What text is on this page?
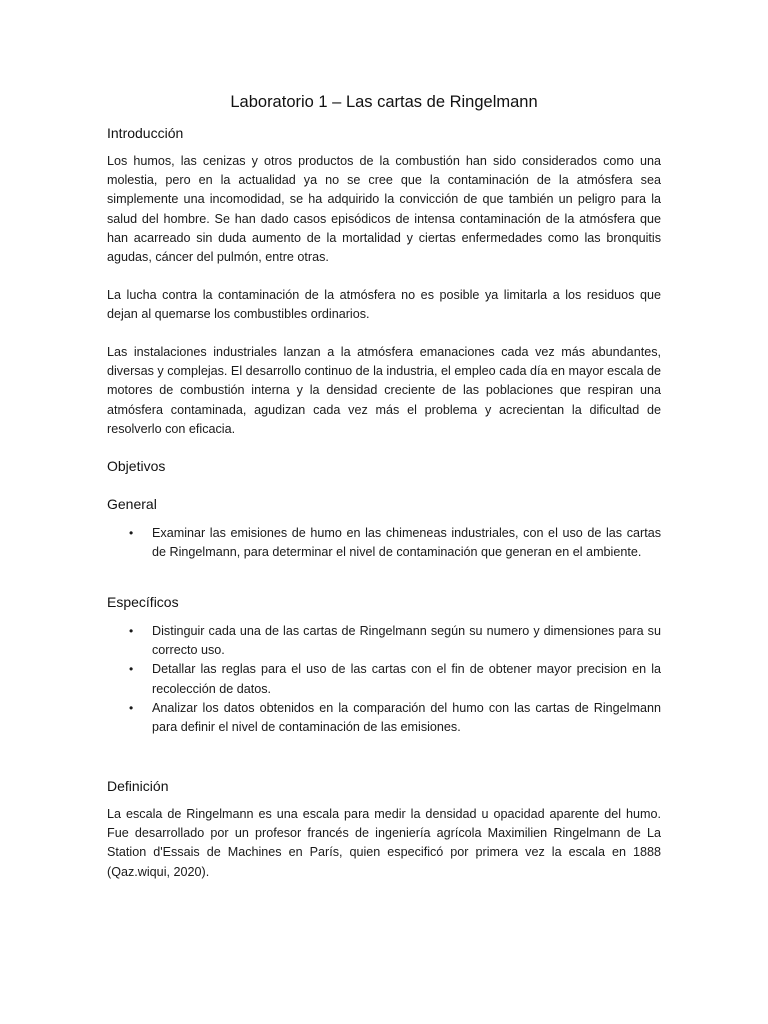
Laboratorio 1 – Las cartas de Ringelmann
Introducción

Los humos, las cenizas y otros productos de la combustión han sido considerados como una molestia, pero en la actualidad ya no se cree que la contaminación de la atmósfera sea simplemente una incomodidad, se ha adquirido la convicción de que también un peligro para la salud del hombre. Se han dado casos episódicos de intensa contaminación de la atmósfera que han acarreado sin duda aumento de la mortalidad y ciertas enfermedades como las bronquitis agudas, cáncer del pulmón, entre otras.

La lucha contra la contaminación de la atmósfera no es posible ya limitarla a los residuos que dejan al quemarse los combustibles ordinarios.

Las instalaciones industriales lanzan a la atmósfera emanaciones cada vez más abundantes, diversas y complejas. El desarrollo continuo de la industria, el empleo cada día en mayor escala de motores de combustión interna y la densidad creciente de las poblaciones que respiran una atmósfera contaminada, agudizan cada vez más el problema y acrecientan la dificultad de resolverlo con eficacia.

Objetivos
General
• Examinar las emisiones de humo en las chimeneas industriales, con el uso de las cartas de Ringelmann, para determinar el nivel de contaminación que generan en el ambiente.
Específicos
• Distinguir cada una de las cartas de Ringelmann según su numero y dimensiones para su correcto uso.
• Detallar las reglas para el uso de las cartas con el fin de obtener mayor precision en la recolección de datos.
• Analizar los datos obtenidos en la comparación del humo con las cartas de Ringelmann para definir el nivel de contaminación de las emisiones.
Definición

La escala de Ringelmann es una escala para medir la densidad u opacidad aparente del humo. Fue desarrollado por un profesor francés de ingeniería agrícola Maximilien Ringelmann de La Station d'Essais de Machines en París, quien especificó por primera vez la escala en 1888 (Qaz.wiqui, 2020).
